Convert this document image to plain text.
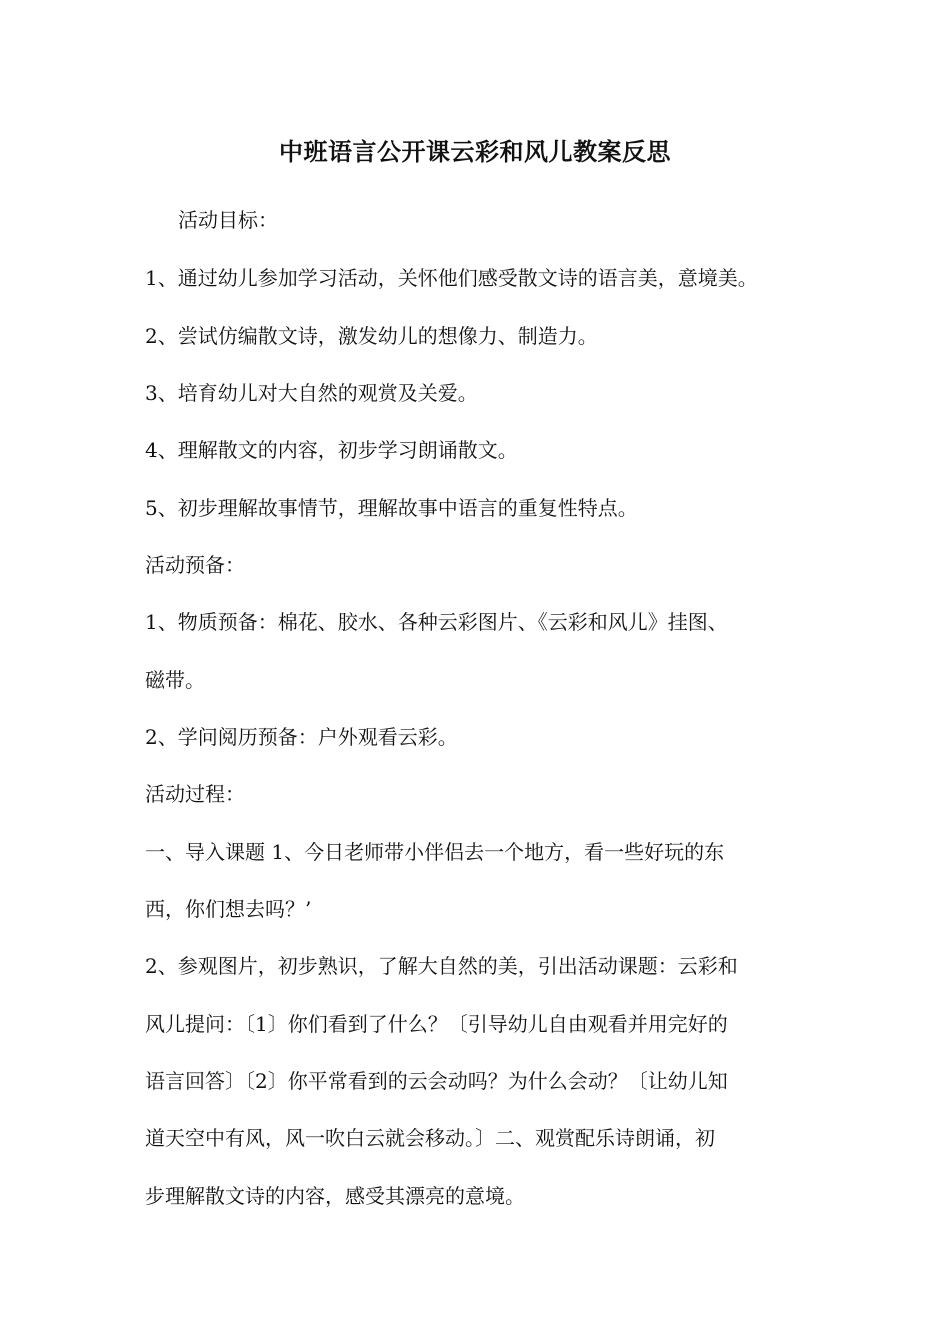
中班语言公开课云彩和风儿教案反思
活动目标：
1、通过幼儿参加学习活动，关怀他们感受散文诗的语言美，意境美。
2、尝试仿编散文诗，激发幼儿的想像力、制造力。
3、培育幼儿对大自然的观赏及关爱。
4、理解散文的内容，初步学习朗诵散文。
5、初步理解故事情节，理解故事中语言的重复性特点。
活动预备：
1、物质预备：棉花、胶水、各种云彩图片、《云彩和风儿》挂图、
磁带。
2、学问阅历预备：户外观看云彩。
活动过程：
一、导入课题 1、今日老师带小伴侣去一个地方，看一些好玩的东
西，你们想去吗？’
2、参观图片，初步熟识，了解大自然的美，引出活动课题：云彩和
风儿提问：〔1〕你们看到了什么？〔引导幼儿自由观看并用完好的
语言回答〕〔2〕你平常看到的云会动吗？为什么会动？〔让幼儿知
道天空中有风，风一吹白云就会移动。〕二、观赏配乐诗朗诵，初
步理解散文诗的内容，感受其漂亮的意境。
